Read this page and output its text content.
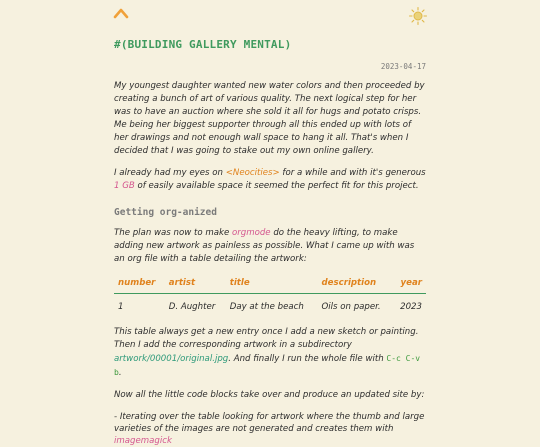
#(BUILDING GALLERY MENTAL)
2023-04-17

My youngest daughter wanted new water colors and then proceeded by creating a bunch of art of various quality. The next logical step for her was to have an auction where she sold it all for hugs and potato crisps. Me being her biggest supporter through all this ended up with lots of her drawings and not enough wall space to hang it all. That's when I decided that I was going to stake out my own online gallery.

I already had my eyes on <Neocities> for a while and with it's generous 1 GB of easily available space it seemed the perfect fit for this project.

Getting org-anized

The plan was now to make orgmode do the heavy lifting, to make adding new artwork as painless as possible. What I came up with was an org file with a table detailing the artwork:

number	artist	title	description	year
1	D. Aughter	Day at the beach	Oils on paper.	2023

This table always get a new entry once I add a new sketch or painting. Then I add the corresponding artwork in a subdirectory artwork/00001/original.jpg. And finally I run the whole file with C-c C-v b.

Now all the little code blocks take over and produce an updated site by:

- Iterating over the table looking for artwork where the thumb and large varieties of the images are not generated and creates them with imagemagick
